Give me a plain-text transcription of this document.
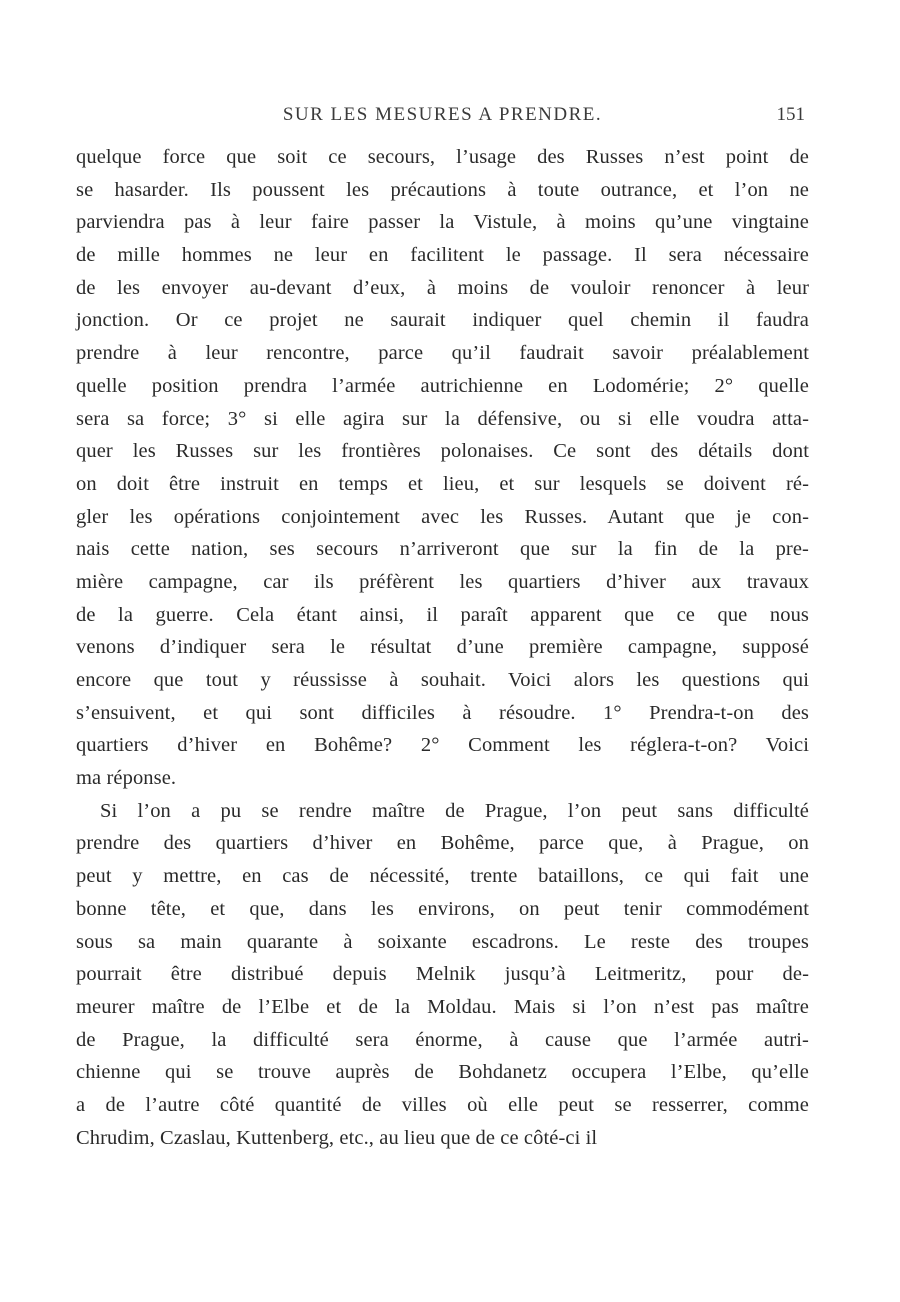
SUR LES MESURES A PRENDRE.	151
quelque force que soit ce secours, l’usage des Russes n’est point de
se hasarder. Ils poussent les précautions à toute outrance, et l’on ne
parviendra pas à leur faire passer la Vistule, à moins qu’une vingtaine
de mille hommes ne leur en facilitent le passage. Il sera nécessaire
de les envoyer au-devant d’eux, à moins de vouloir renoncer à leur
jonction. Or ce projet ne saurait indiquer quel chemin il faudra
prendre à leur rencontre, parce qu’il faudrait savoir préalablement
quelle position prendra l’armée autrichienne en Lodomérie; 2° quelle
sera sa force; 3° si elle agira sur la défensive, ou si elle voudra atta-
quer les Russes sur les frontières polonaises. Ce sont des détails dont
on doit être instruit en temps et lieu, et sur lesquels se doivent ré-
gler les opérations conjointement avec les Russes. Autant que je con-
nais cette nation, ses secours n’arriveront que sur la fin de la pre-
mière campagne, car ils préfèrent les quartiers d’hiver aux travaux
de la guerre. Cela étant ainsi, il paraît apparent que ce que nous
venons d’indiquer sera le résultat d’une première campagne, supposé
encore que tout y réussisse à souhait. Voici alors les questions qui
s’ensuivent, et qui sont difficiles à résoudre. 1° Prendra-t-on des
quartiers d’hiver en Bohême? 2° Comment les réglera-t-on? Voici
ma réponse.
Si l’on a pu se rendre maître de Prague, l’on peut sans difficulté
prendre des quartiers d’hiver en Bohême, parce que, à Prague, on
peut y mettre, en cas de nécessité, trente bataillons, ce qui fait une
bonne tête, et que, dans les environs, on peut tenir commodément
sous sa main quarante à soixante escadrons. Le reste des troupes
pourrait être distribué depuis Melnik jusqu’à Leitmeritz, pour de-
meurer maître de l’Elbe et de la Moldau. Mais si l’on n’est pas maître
de Prague, la difficulté sera énorme, à cause que l’armée autri-
chienne qui se trouve auprès de Bohdanetz occupera l’Elbe, qu’elle
a de l’autre côté quantité de villes où elle peut se resserrer, comme
Chrudim, Czaslau, Kuttenberg, etc., au lieu que de ce côté-ci il
